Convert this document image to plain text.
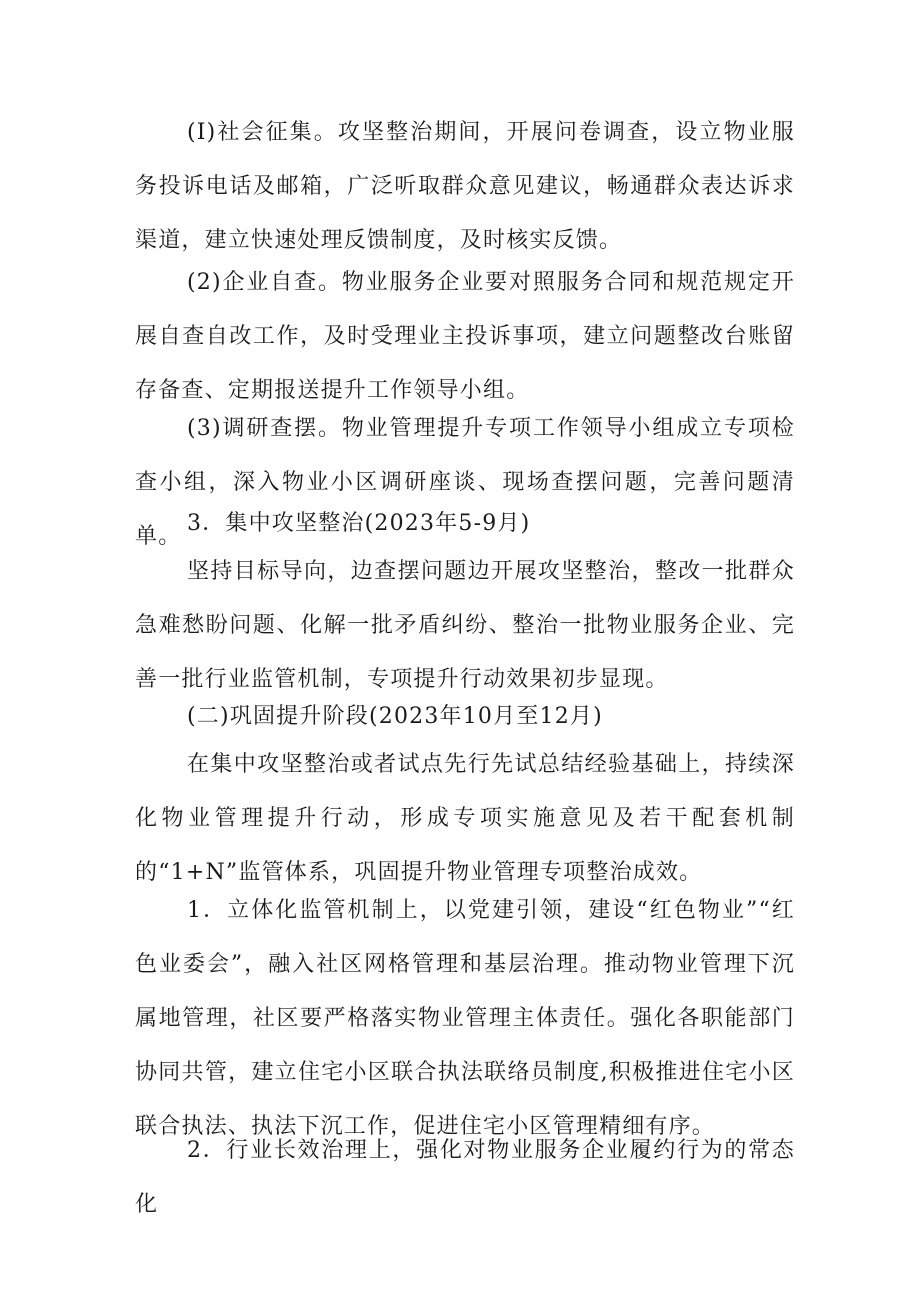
(I)社会征集。攻坚整治期间，开展问卷调查，设立物业服务投诉电话及邮箱，广泛听取群众意见建议，畅通群众表达诉求渠道，建立快速处理反馈制度，及时核实反馈。

(2)企业自查。物业服务企业要对照服务合同和规范规定开展自查自改工作，及时受理业主投诉事项，建立问题整改台账留存备查、定期报送提升工作领导小组。

(3)调研查摆。物业管理提升专项工作领导小组成立专项检查小组，深入物业小区调研座谈、现场查摆问题，完善问题清单。

3．集中攻坚整治(2023年5-9月)

坚持目标导向，边查摆问题边开展攻坚整治，整改一批群众急难愁盼问题、化解一批矛盾纠纷、整治一批物业服务企业、完善一批行业监管机制，专项提升行动效果初步显现。

(二)巩固提升阶段(2023年10月至12月)

在集中攻坚整治或者试点先行先试总结经验基础上，持续深化物业管理提升行动，形成专项实施意见及若干配套机制的“1+N”监管体系，巩固提升物业管理专项整治成效。

1．立体化监管机制上，以党建引领，建设“红色物业”“红色业委会”，融入社区网格管理和基层治理。推动物业管理下沉属地管理，社区要严格落实物业管理主体责任。强化各职能部门协同共管，建立住宅小区联合执法联络员制度,积极推进住宅小区联合执法、执法下沉工作，促进住宅小区管理精细有序。

2．行业长效治理上，强化对物业服务企业履约行为的常态化
